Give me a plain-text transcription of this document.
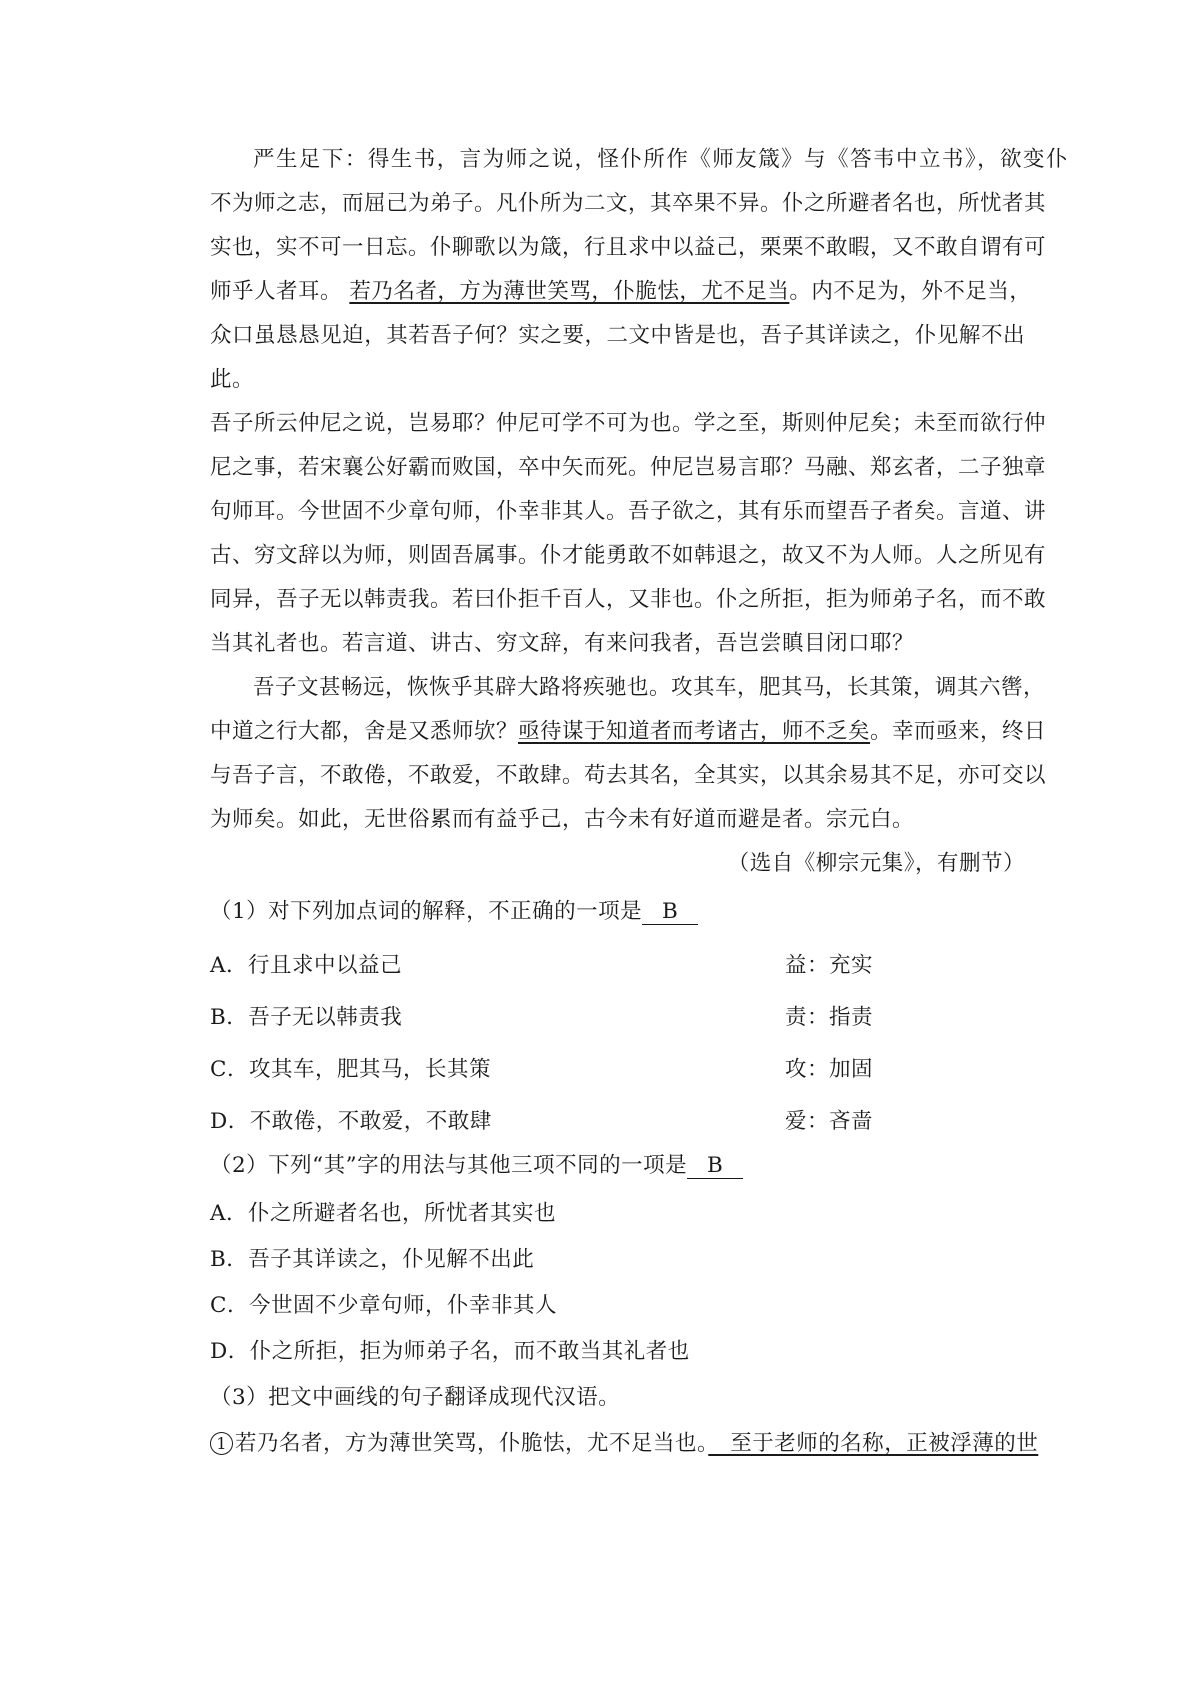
严生足下：得生书，言为师之说，怪仆所作《师友箴》与《答韦中立书》，欲变仆
不为师之志，而屈己为弟子。凡仆所为二文，其卒果不异。仆之所避者名也，所忧者其
实也，实不可一日忘。仆聊歌以为箴，行且求中以益己，栗栗不敢暇，又不敢自谓有可
师乎人者耳。 若乃名者，方为薄世笑骂，仆脆怯，尤不足当。内不足为，外不足当，
众口虽恳恳见迫，其若吾子何？实之要，二文中皆是也，吾子其详读之，仆见解不出
此。
吾子所云仲尼之说，岂易耶？仲尼可学不可为也。学之至，斯则仲尼矣；未至而欲行仲
尼之事，若宋襄公好霸而败国，卒中矢而死。仲尼岂易言耶？马融、郑玄者，二子独章
句师耳。今世固不少章句师，仆幸非其人。吾子欲之，其有乐而望吾子者矣。言道、讲
古、穷文辞以为师，则固吾属事。仆才能勇敢不如韩退之，故又不为人师。人之所见有
同异，吾子无以韩责我。若曰仆拒千百人，又非也。仆之所拒，拒为师弟子名，而不敢
当其礼者也。若言道、讲古、穷文辞，有来问我者，吾岂尝瞋目闭口耶？
吾子文甚畅远，恢恢乎其辟大路将疾驰也。攻其车，肥其马，长其策，调其六辔，
中道之行大都，舍是又悉师欤？亟待谋于知道者而考诸古，师不乏矣。幸而亟来，终日
与吾子言，不敢倦，不敢爱，不敢肆。苟去其名，全其实，以其余易其不足，亦可交以
为师矣。如此，无世俗累而有益乎己，古今未有好道而避是者。宗元白。
（选自《柳宗元集》，有删节）
（1）对下列加点词的解释，不正确的一项是 B
A．行且求中以益己	益：充实
B．吾子无以韩责我	责：指责
C．攻其车，肥其马，长其策	攻：加固
D．不敢倦，不敢爱，不敢肆	爱：吝啬
（2）下列“其”字的用法与其他三项不同的一项是 B
A．仆之所避者名也，所忧者其实也
B．吾子其详读之，仆见解不出此
C．今世固不少章句师，仆幸非其人
D．仆之所拒，拒为师弟子名，而不敢当其礼者也
（3）把文中画线的句子翻译成现代汉语。
1 若乃名者，方为薄世笑骂，仆脆怯，尤不足当也。　至于老师的名称，正被浮薄的世
